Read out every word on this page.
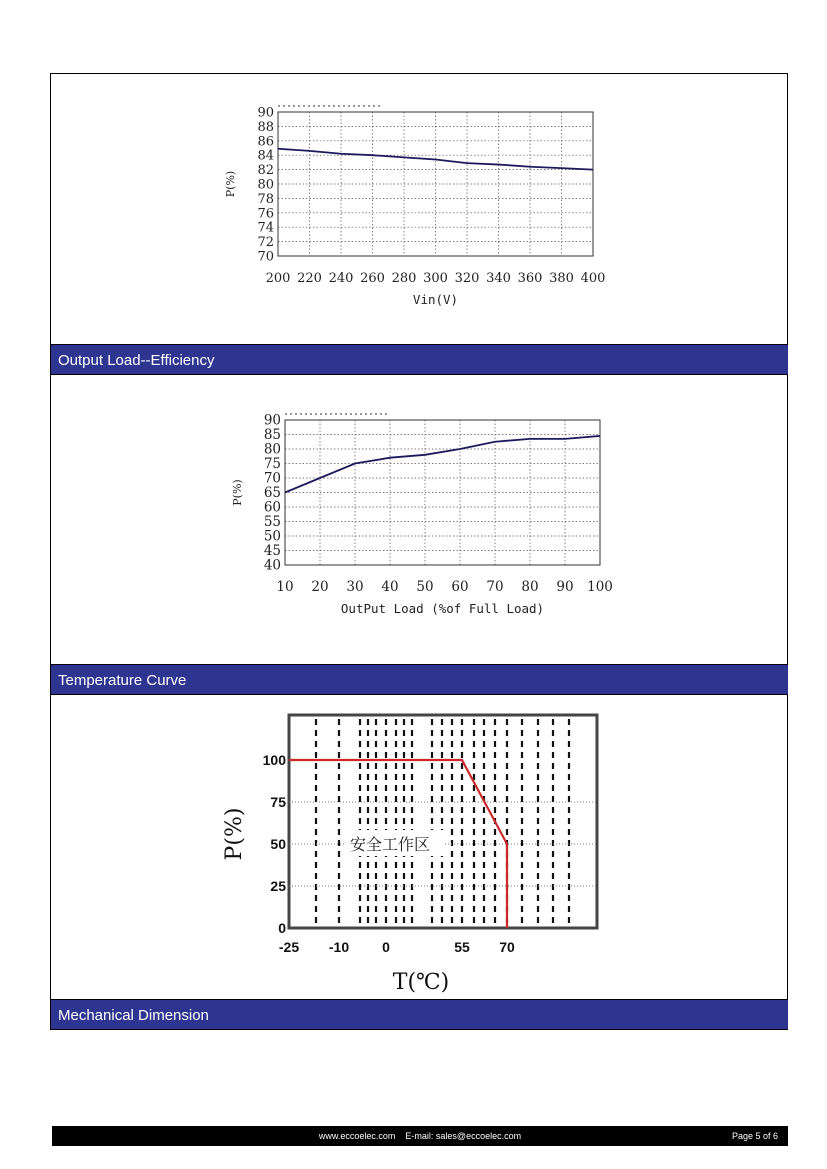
200 220 240 260 280 300 320 340 360 380 400
70
72
74
76
78
80
82
84
86
88
90
Vin(V)
P(%)
Output Load--Efficiency
10 20 30 40 50 60 70 80 90 100
40
45
50
55
60
65
70
75
80
85
90
OutPut Load (%of Full Load)
P(%)
Temperature Curve
安全工作区
-25 -10 0	55 70
0
25
50
75
100
T(℃)
P(%)
Mechanical Dimension
www.eccoelec.com E-mail: sales@eccoelec.com	Page 5 of 6
